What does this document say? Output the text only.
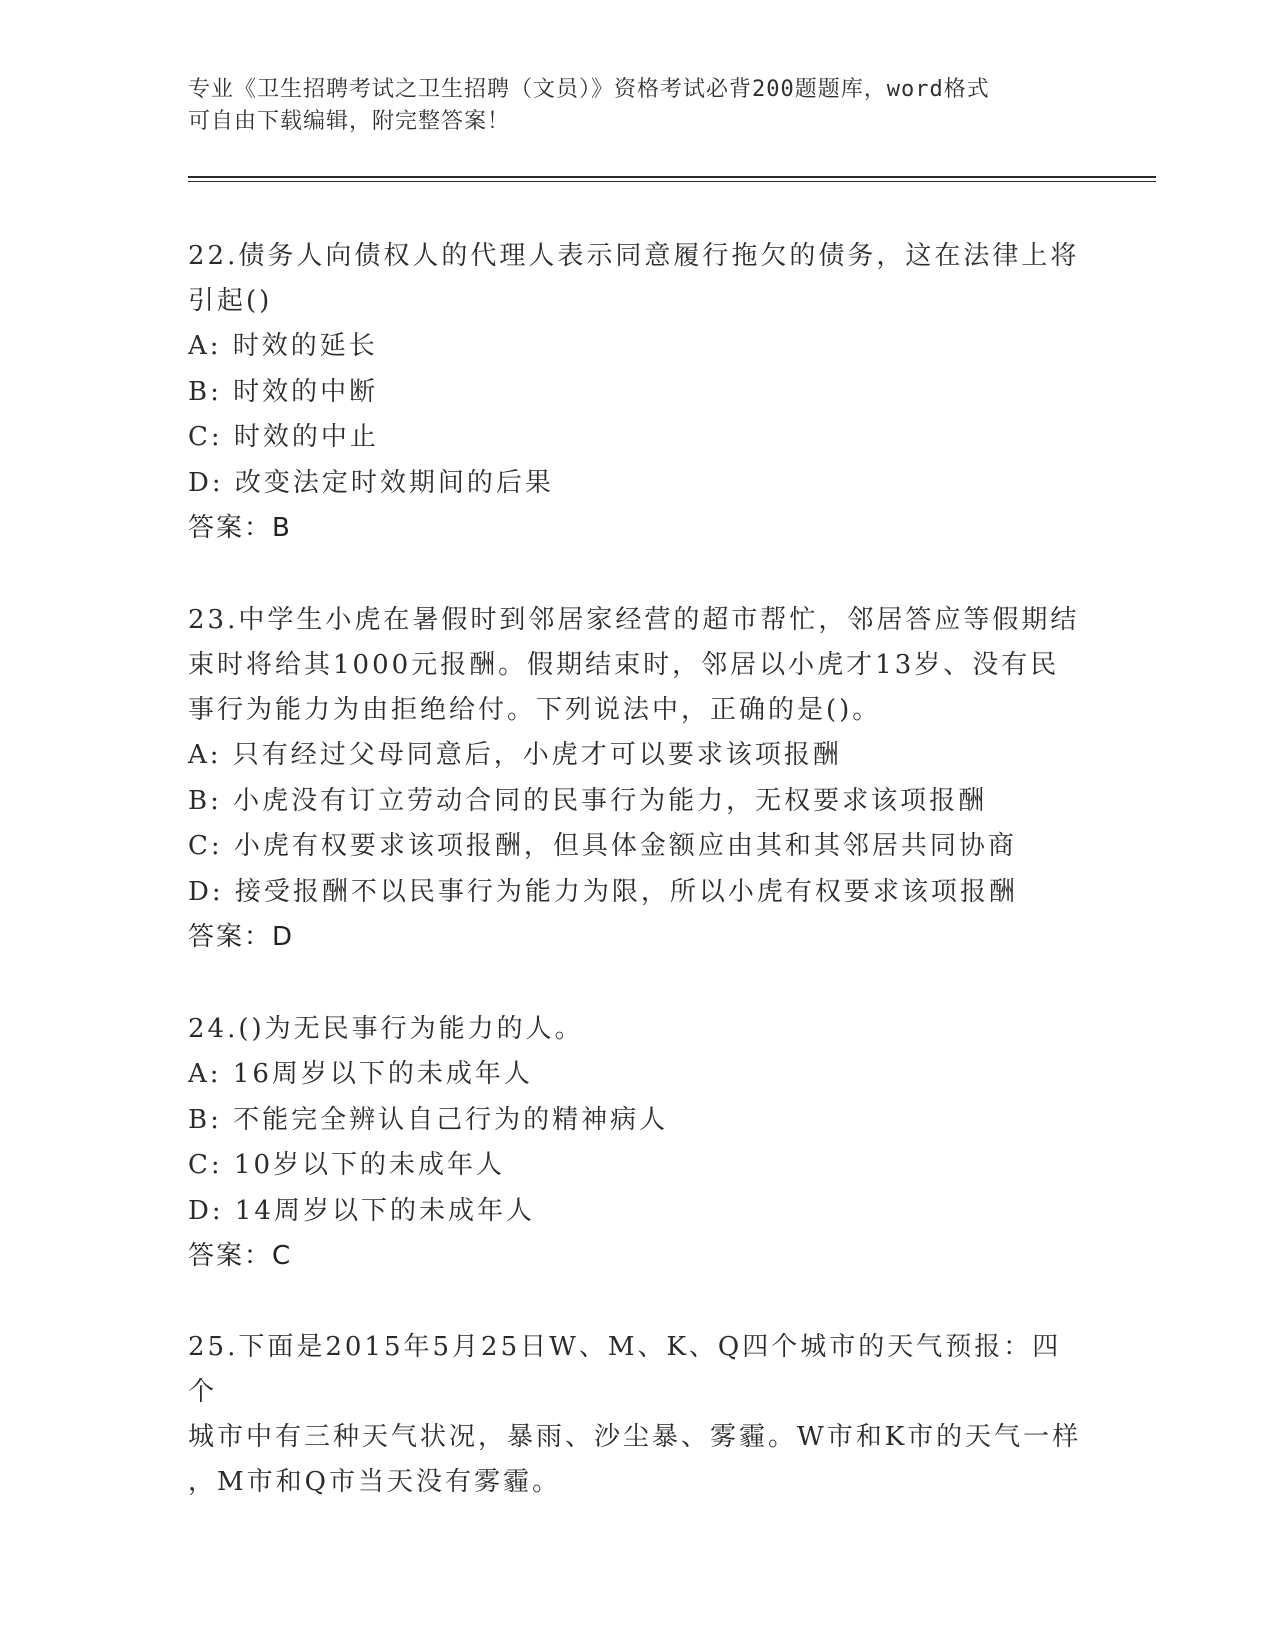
专业《卫生招聘考试之卫生招聘（文员）》资格考试必背200题题库，word格式
可自由下载编辑，附完整答案！
22.债务人向债权人的代理人表示同意履行拖欠的债务，这在法律上将
引起()
A: 时效的延长
B: 时效的中断
C: 时效的中止
D: 改变法定时效期间的后果
答案：B
23.中学生小虎在暑假时到邻居家经营的超市帮忙，邻居答应等假期结
束时将给其1000元报酬。假期结束时，邻居以小虎才13岁、没有民
事行为能力为由拒绝给付。下列说法中，正确的是()。
A: 只有经过父母同意后，小虎才可以要求该项报酬
B: 小虎没有订立劳动合同的民事行为能力，无权要求该项报酬
C: 小虎有权要求该项报酬，但具体金额应由其和其邻居共同协商
D: 接受报酬不以民事行为能力为限，所以小虎有权要求该项报酬
答案：D
24.()为无民事行为能力的人。
A: 16周岁以下的未成年人
B: 不能完全辨认自己行为的精神病人
C: 10岁以下的未成年人
D: 14周岁以下的未成年人
答案：C
25.下面是2015年5月25日W、M、K、Q四个城市的天气预报：四个
城市中有三种天气状况，暴雨、沙尘暴、雾霾。W市和K市的天气一样
，M市和Q市当天没有雾霾。
